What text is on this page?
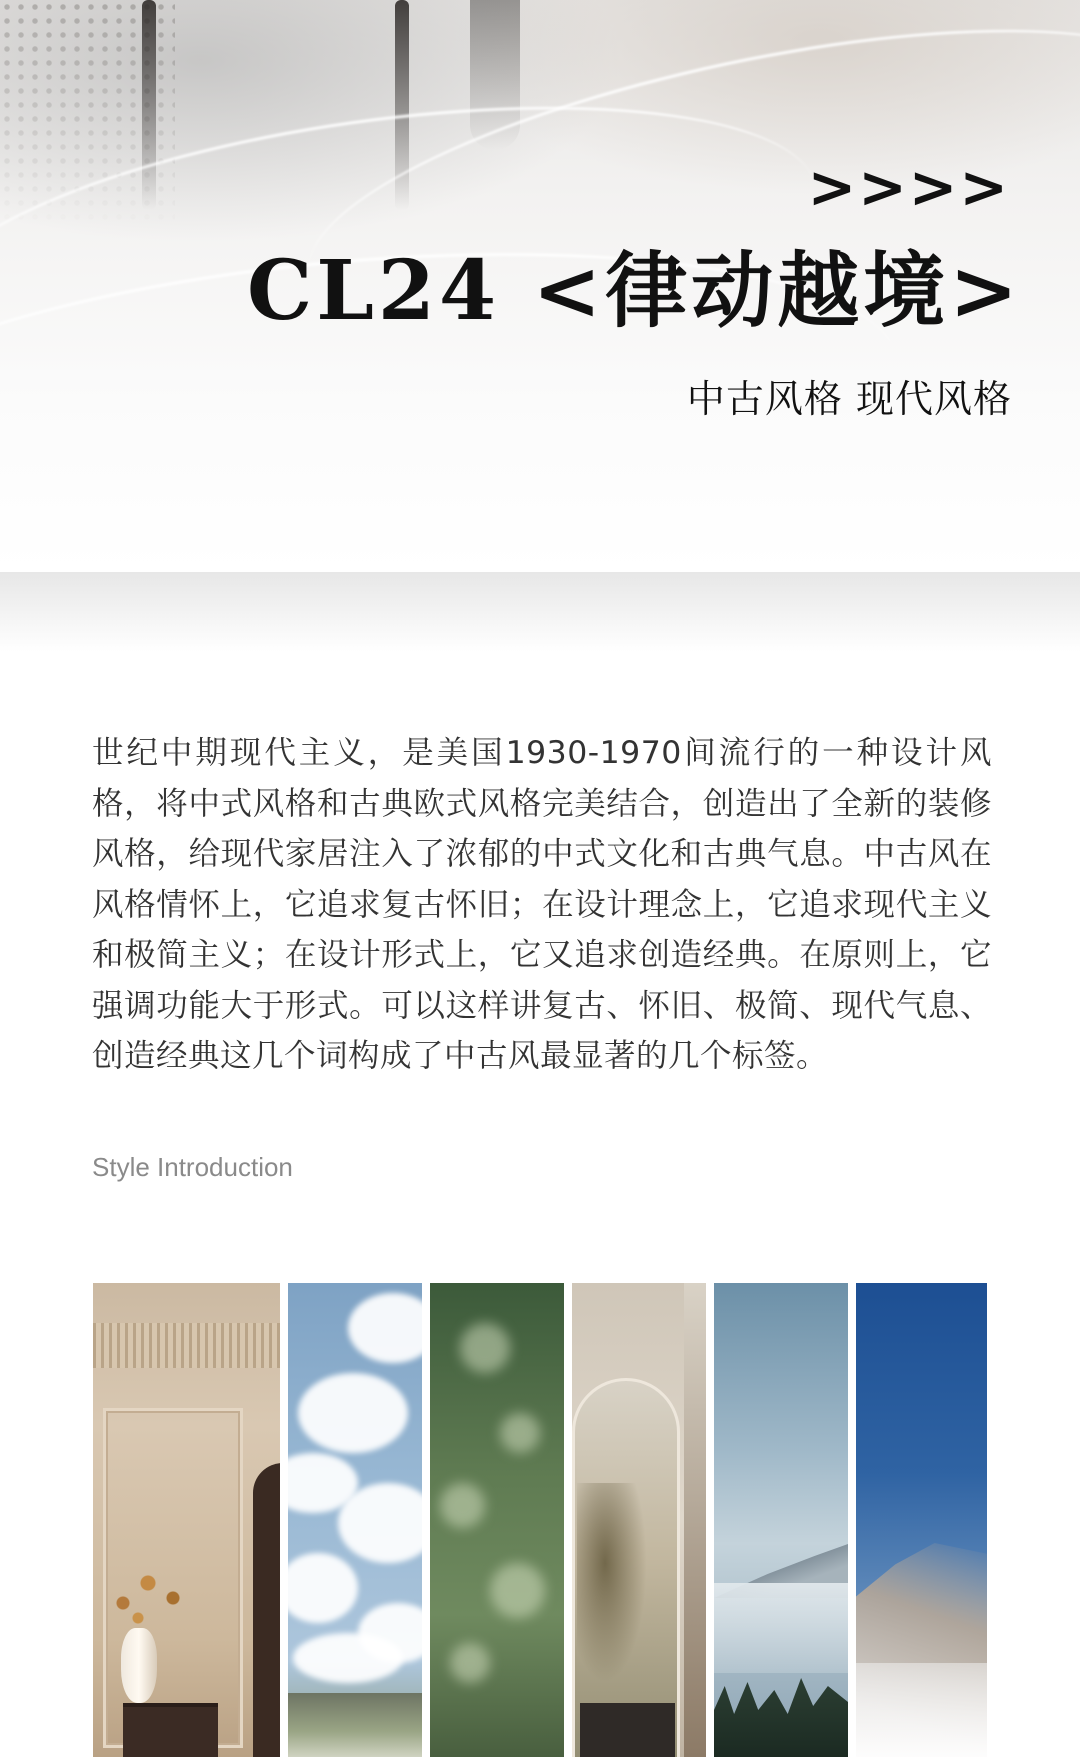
>>>>
CL24 <律动越境>
中古风格 现代风格

世纪中期现代主义，是美国1930-1970间流行的一种设计风格，将中式风格和古典欧式风格完美结合，创造出了全新的装修风格，给现代家居注入了浓郁的中式文化和古典气息。中古风在风格情怀上，它追求复古怀旧；在设计理念上，它追求现代主义和极简主义；在设计形式上，它又追求创造经典。在原则上，它强调功能大于形式。可以这样讲复古、怀旧、极简、现代气息、创造经典这几个词构成了中古风最显著的几个标签。

Style Introduction
